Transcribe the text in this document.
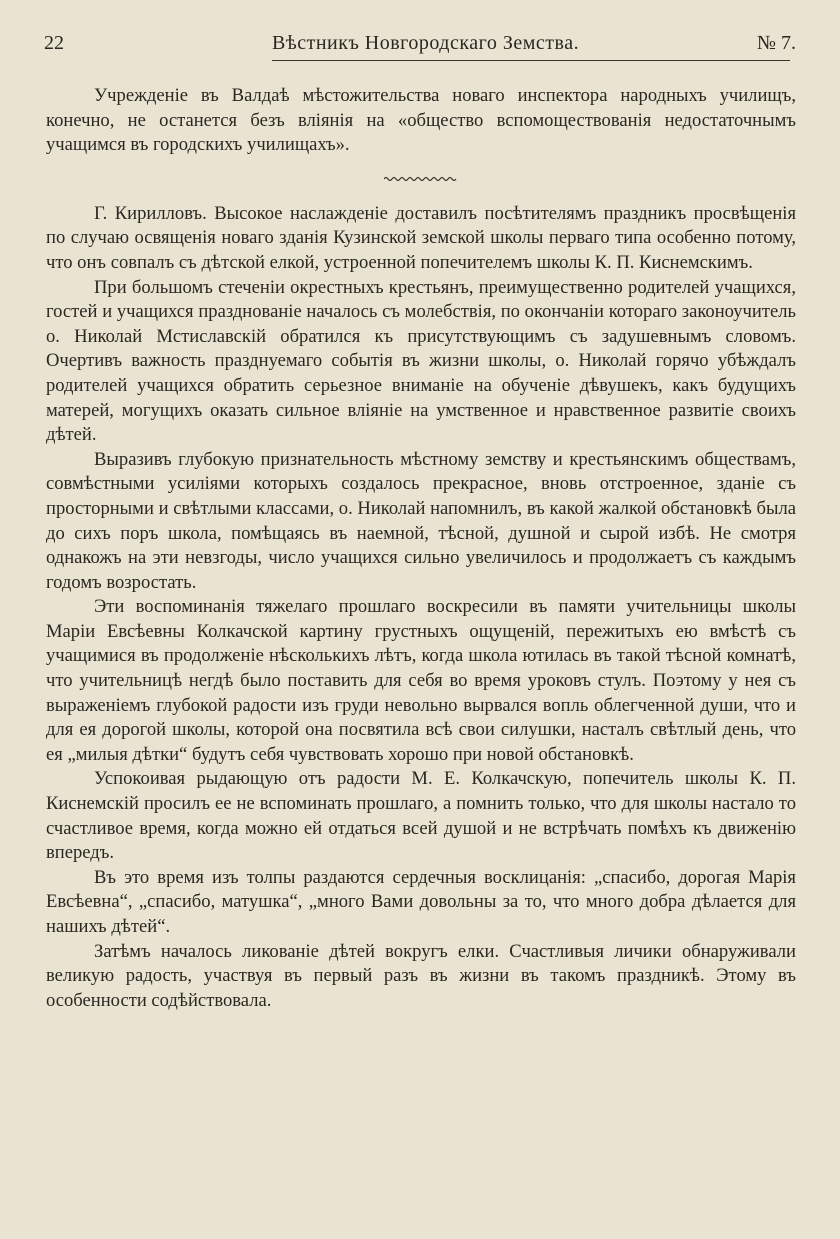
22	Вѣстникъ Новгородскаго Земства.	№ 7.

Учрежденіе въ Валдаѣ мѣстожительства новаго инспектора народныхъ училищъ, конечно, не останется безъ вліянія на «общество вспомоществованія недостаточнымъ учащимся въ городскихъ училищахъ».

Г. Кирилловъ. Высокое наслажденіе доставилъ посѣтителямъ праздникъ просвѣщенія по случаю освященія новаго зданія Кузинской земской школы перваго типа особенно потому, что онъ совпалъ съ дѣтской елкой, устроенной попечителемъ школы К. П. Киснемскимъ.

При большомъ стеченіи окрестныхъ крестьянъ, преимущественно родителей учащихся, гостей и учащихся празднованіе началось съ молебствія, по окончаніи котораго законоучитель о. Николай Мстиславскій обратился къ присутствующимъ съ задушевнымъ словомъ. Очертивъ важность празднуемаго событія въ жизни школы, о. Николай горячо убѣждалъ родителей учащихся обратить серьезное вниманіе на обученіе дѣвушекъ, какъ будущихъ матерей, могущихъ оказать сильное вліяніе на умственное и нравственное развитіе своихъ дѣтей.

Выразивъ глубокую признательность мѣстному земству и крестьянскимъ обществамъ, совмѣстными усиліями которыхъ создалось прекрасное, вновь отстроенное, зданіе съ просторными и свѣтлыми классами, о. Николай напомнилъ, въ какой жалкой обстановкѣ была до сихъ поръ школа, помѣщаясь въ наемной, тѣсной, душной и сырой избѣ. Не смотря однакожъ на эти невзгоды, число учащихся сильно увеличилось и продолжаетъ съ каждымъ годомъ возростать.

Эти воспоминанія тяжелаго прошлаго воскресили въ памяти учительницы школы Маріи Евсѣевны Колкачской картину грустныхъ ощущеній, пережитыхъ ею вмѣстѣ съ учащимися въ продолженіе нѣсколькихъ лѣтъ, когда школа ютилась въ такой тѣсной комнатѣ, что учительницѣ негдѣ было поставить для себя во время уроковъ стулъ. Поэтому у нея съ выраженіемъ глубокой радости изъ груди невольно вырвался вопль облегченной души, что и для ея дорогой школы, которой она посвятила всѣ свои силушки, насталъ свѣтлый день, что ея „милыя дѣтки“ будутъ себя чувствовать хорошо при новой обстановкѣ.

Успокоивая рыдающую отъ радости М. Е. Колкачскую, попечитель школы К. П. Киснемскій просилъ ее не вспоминать прошлаго, а помнить только, что для школы настало то счастливое время, когда можно ей отдаться всей душой и не встрѣчать помѣхъ къ движенію впередъ.

Въ это время изъ толпы раздаются сердечныя восклицанія: „спасибо, дорогая Марія Евсѣевна“, „спасибо, матушка“, „много Вами довольны за то, что много добра дѣлается для нашихъ дѣтей“.

Затѣмъ началось ликованіе дѣтей вокругъ елки. Счастливыя личики обнаруживали великую радость, участвуя въ первый разъ въ жизни въ такомъ праздникѣ. Этому въ особенности содѣйствовала.
